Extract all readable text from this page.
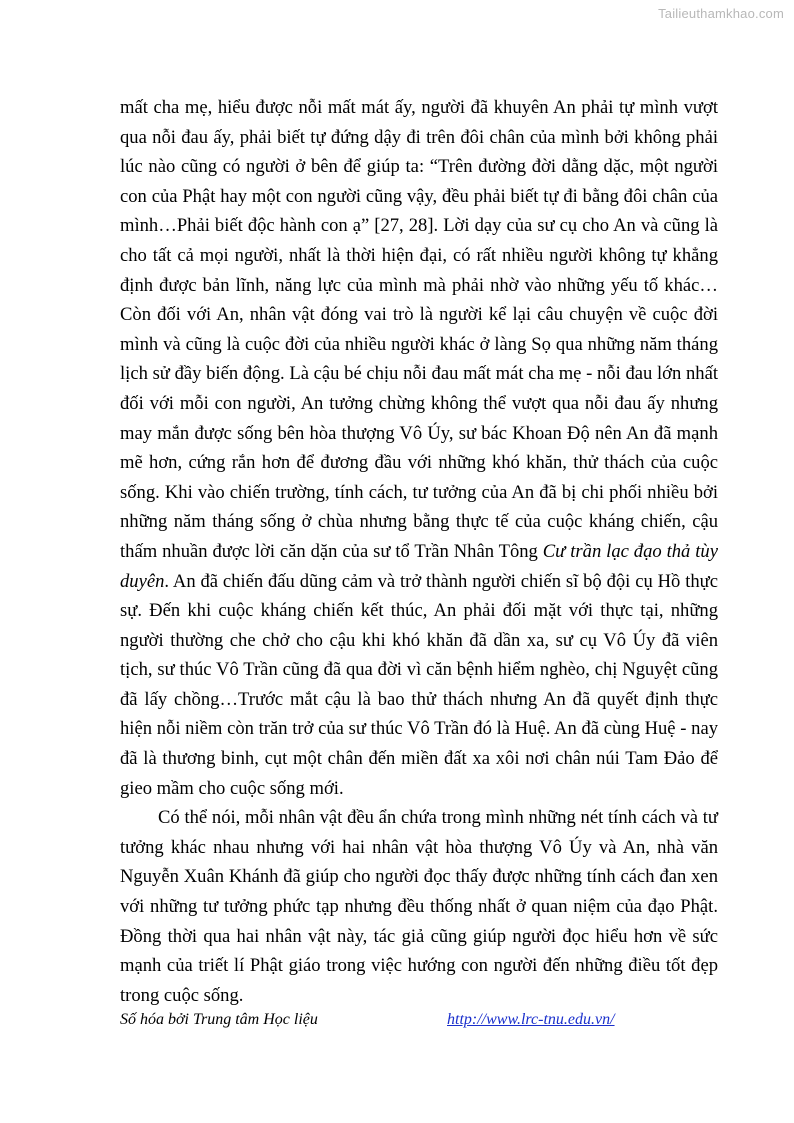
Tailieuthamkhao.com

mất cha mẹ, hiểu được nỗi mất mát ấy, người đã khuyên An phải tự mình vượt qua nỗi đau ấy, phải biết tự đứng dậy đi trên đôi chân của mình bởi không phải lúc nào cũng có người ở bên để giúp ta: “Trên đường đời dằng dặc, một người con của Phật hay một con người cũng vậy, đều phải biết tự đi bằng đôi chân của mình…Phải biết độc hành con ạ” [27, 28]. Lời dạy của sư cụ cho An và cũng là cho tất cả mọi người, nhất là thời hiện đại, có rất nhiều người không tự khẳng định được bản lĩnh, năng lực của mình mà phải nhờ vào những yếu tố khác…Còn đối với An, nhân vật đóng vai trò là người kể lại câu chuyện về cuộc đời mình và cũng là cuộc đời của nhiều người khác ở làng Sọ qua những năm tháng lịch sử đầy biến động. Là cậu bé chịu nỗi đau mất mát cha mẹ - nỗi đau lớn nhất đối với mỗi con người, An tưởng chừng không thể vượt qua nỗi đau ấy nhưng may mắn được sống bên hòa thượng Vô Úy, sư bác Khoan Độ nên An đã mạnh mẽ hơn, cứng rắn hơn để đương đầu với những khó khăn, thử thách của cuộc sống. Khi vào chiến trường, tính cách, tư tưởng của An đã bị chi phối nhiều bởi những năm tháng sống ở chùa nhưng bằng thực tế của cuộc kháng chiến, cậu thấm nhuần được lời căn dặn của sư tổ Trần Nhân Tông Cư trần lạc đạo thả tùy duyên. An đã chiến đấu dũng cảm và trở thành người chiến sĩ bộ đội cụ Hồ thực sự. Đến khi cuộc kháng chiến kết thúc, An phải đối mặt với thực tại, những người thường che chở cho cậu khi khó khăn đã dần xa, sư cụ Vô Úy đã viên tịch, sư thúc Vô Trần cũng đã qua đời vì căn bệnh hiểm nghèo, chị Nguyệt cũng đã lấy chồng…Trước mắt cậu là bao thử thách nhưng An đã quyết định thực hiện nỗi niềm còn trăn trở của sư thúc Vô Trần đó là Huệ. An đã cùng Huệ - nay đã là thương binh, cụt một chân đến miền đất xa xôi nơi chân núi Tam Đảo để gieo mầm cho cuộc sống mới.

Có thể nói, mỗi nhân vật đều ẩn chứa trong mình những nét tính cách và tư tưởng khác nhau nhưng với hai nhân vật hòa thượng Vô Úy và An, nhà văn Nguyễn Xuân Khánh đã giúp cho người đọc thấy được những tính cách đan xen với những tư tưởng phức tạp nhưng đều thống nhất ở quan niệm của đạo Phật. Đồng thời qua hai nhân vật này, tác giả cũng giúp người đọc hiểu hơn về sức mạnh của triết lí Phật giáo trong việc hướng con người đến những điều tốt đẹp trong cuộc sống.

Số hóa bởi Trung tâm Học liệu	http://www.lrc-tnu.edu.vn/
